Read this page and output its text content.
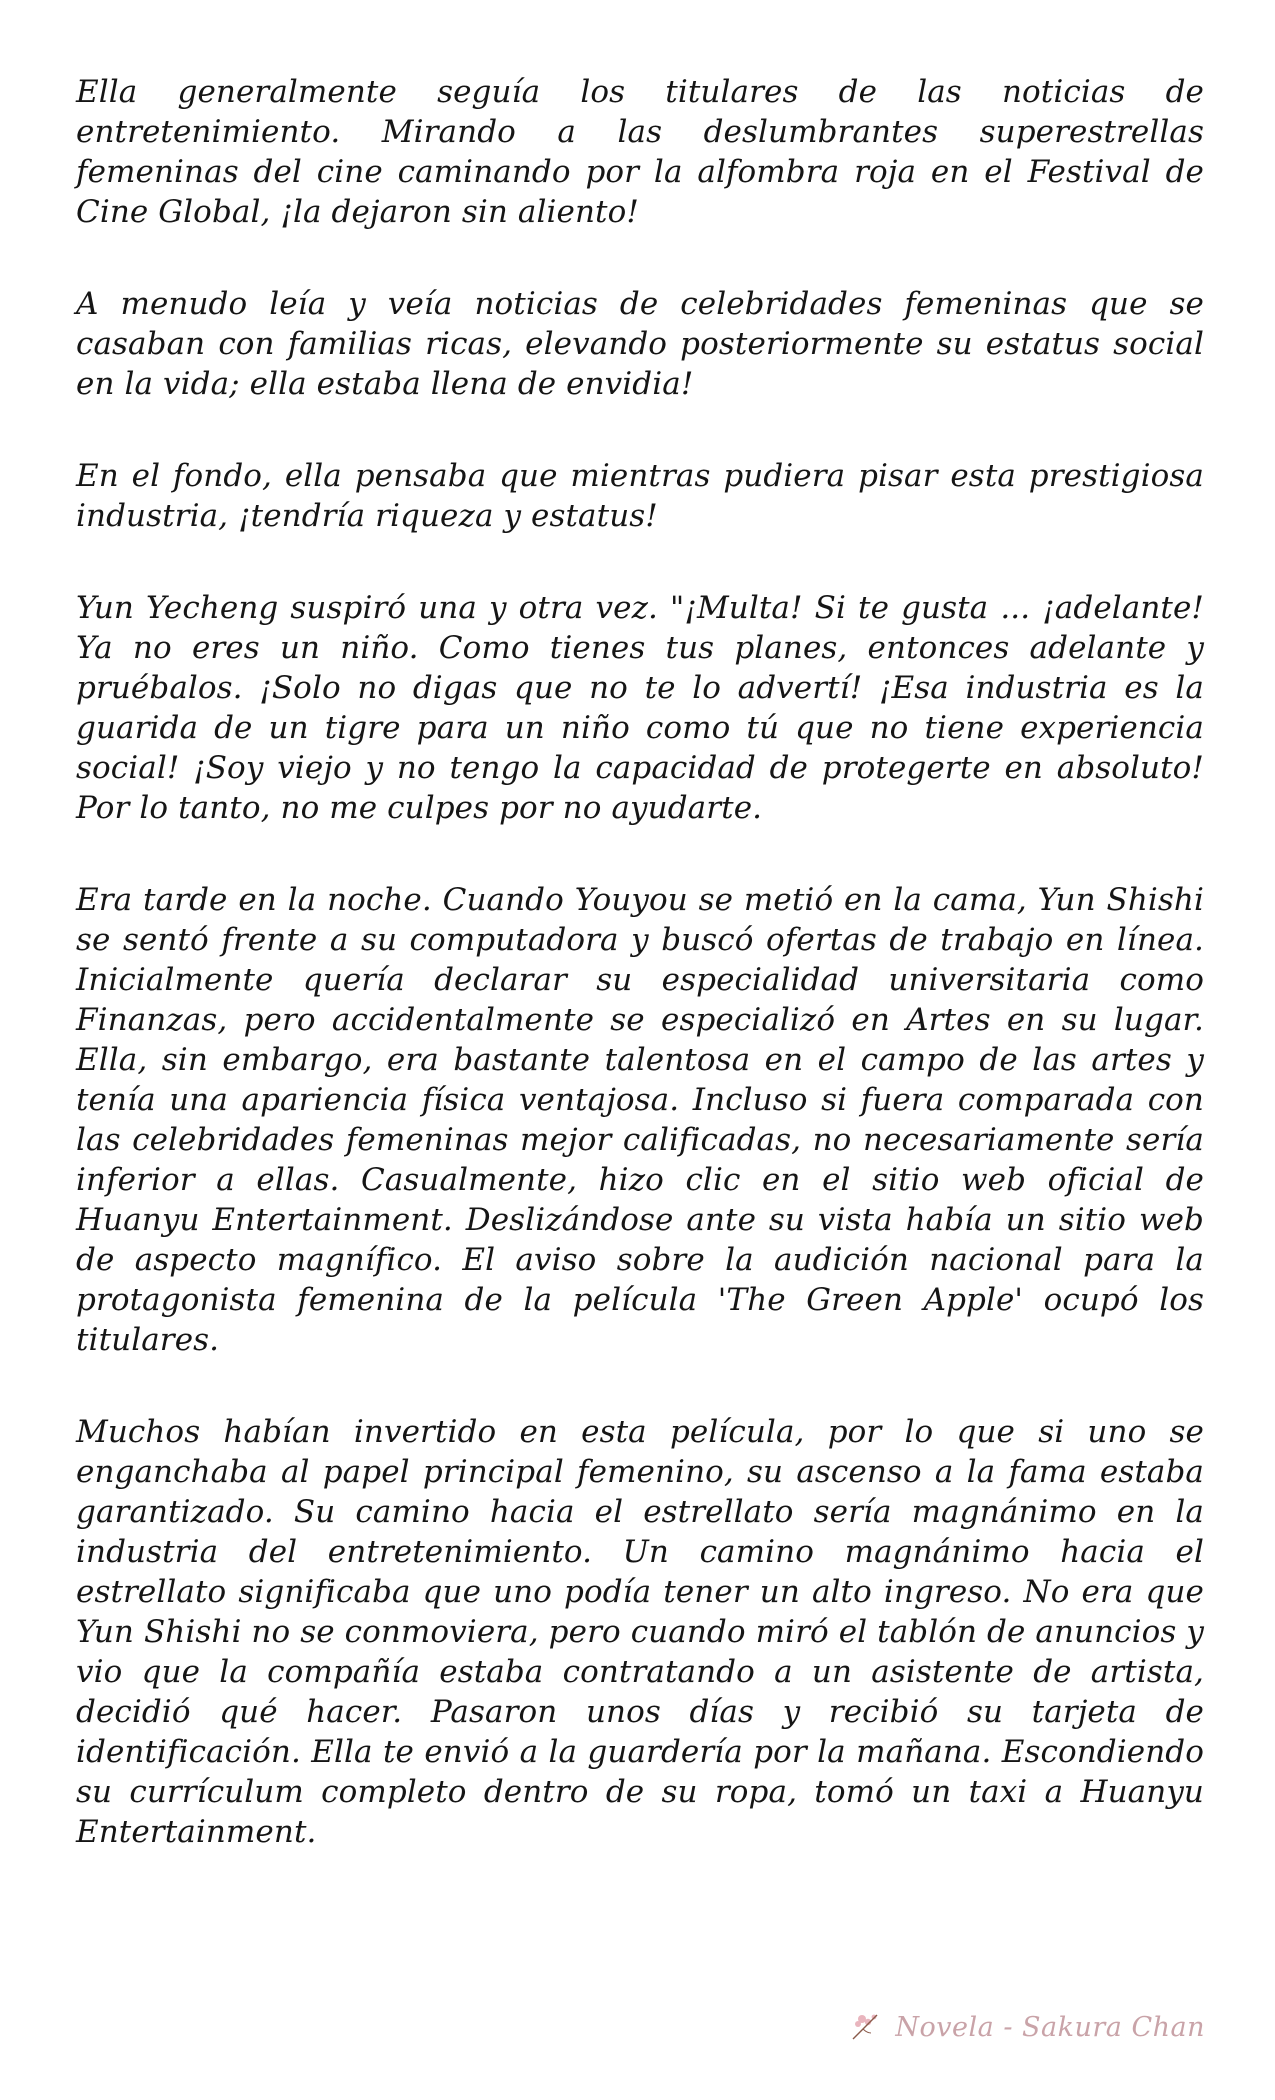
Ella generalmente seguía los titulares de las noticias de entretenimiento. Mirando a las deslumbrantes superestrellas femeninas del cine caminando por la alfombra roja en el Festival de Cine Global, ¡la dejaron sin aliento!

A menudo leía y veía noticias de celebridades femeninas que se casaban con familias ricas, elevando posteriormente su estatus social en la vida; ella estaba llena de envidia!

En el fondo, ella pensaba que mientras pudiera pisar esta prestigiosa industria, ¡tendría riqueza y estatus!

Yun Yecheng suspiró una y otra vez. "¡Multa! Si te gusta ... ¡adelante! Ya no eres un niño. Como tienes tus planes, entonces adelante y pruébalos. ¡Solo no digas que no te lo advertí! ¡Esa industria es la guarida de un tigre para un niño como tú que no tiene experiencia social! ¡Soy viejo y no tengo la capacidad de protegerte en absoluto! Por lo tanto, no me culpes por no ayudarte.

Era tarde en la noche. Cuando Youyou se metió en la cama, Yun Shishi se sentó frente a su computadora y buscó ofertas de trabajo en línea. Inicialmente quería declarar su especialidad universitaria como Finanzas, pero accidentalmente se especializó en Artes en su lugar. Ella, sin embargo, era bastante talentosa en el campo de las artes y tenía una apariencia física ventajosa. Incluso si fuera comparada con las celebridades femeninas mejor calificadas, no necesariamente sería inferior a ellas. Casualmente, hizo clic en el sitio web oficial de Huanyu Entertainment. Deslizándose ante su vista había un sitio web de aspecto magnífico. El aviso sobre la audición nacional para la protagonista femenina de la película 'The Green Apple' ocupó los titulares.

Muchos habían invertido en esta película, por lo que si uno se enganchaba al papel principal femenino, su ascenso a la fama estaba garantizado. Su camino hacia el estrellato sería magnánimo en la industria del entretenimiento. Un camino magnánimo hacia el estrellato significaba que uno podía tener un alto ingreso. No era que Yun Shishi no se conmoviera, pero cuando miró el tablón de anuncios y vio que la compañía estaba contratando a un asistente de artista, decidió qué hacer. Pasaron unos días y recibió su tarjeta de identificación. Ella te envió a la guardería por la mañana. Escondiendo su currículum completo dentro de su ropa, tomó un taxi a Huanyu Entertainment.

Novela - Sakura Chan
